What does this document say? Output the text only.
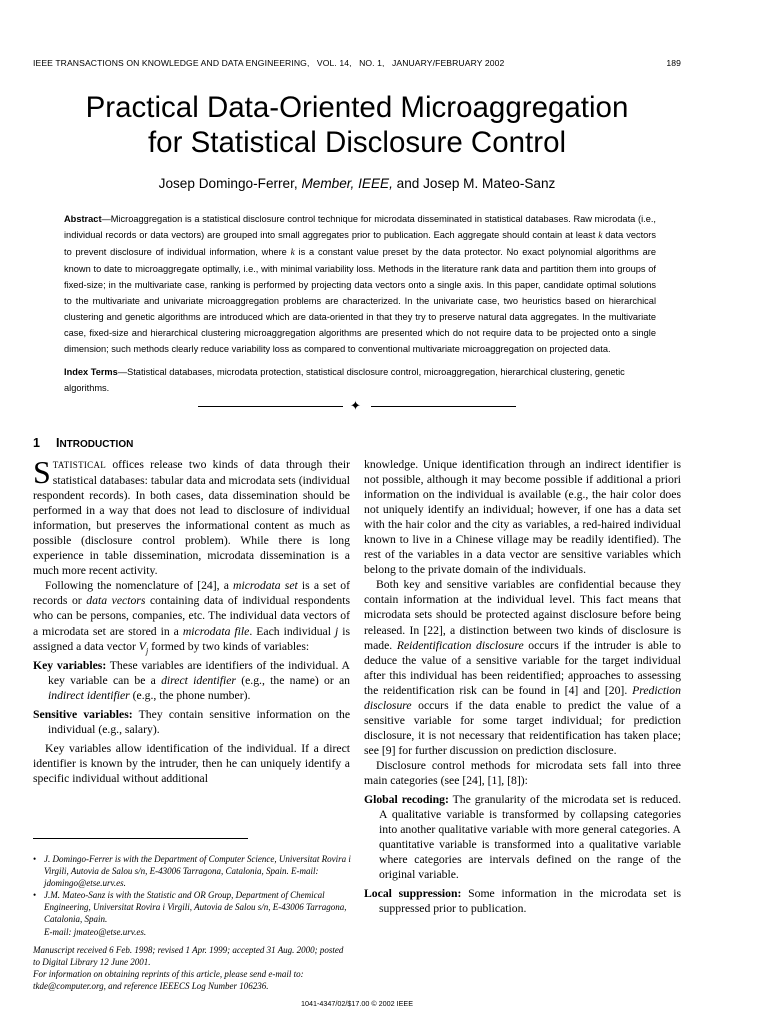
IEEE TRANSACTIONS ON KNOWLEDGE AND DATA ENGINEERING,   VOL. 14,   NO. 1,   JANUARY/FEBRUARY 2002	189
Practical Data-Oriented Microaggregation
for Statistical Disclosure Control
Josep Domingo-Ferrer, Member, IEEE, and Josep M. Mateo-Sanz
Abstract—Microaggregation is a statistical disclosure control technique for microdata disseminated in statistical databases. Raw microdata (i.e., individual records or data vectors) are grouped into small aggregates prior to publication. Each aggregate should contain at least k data vectors to prevent disclosure of individual information, where k is a constant value preset by the data protector. No exact polynomial algorithms are known to date to microaggregate optimally, i.e., with minimal variability loss. Methods in the literature rank data and partition them into groups of fixed-size; in the multivariate case, ranking is performed by projecting data vectors onto a single axis. In this paper, candidate optimal solutions to the multivariate and univariate microaggregation problems are characterized. In the univariate case, two heuristics based on hierarchical clustering and genetic algorithms are introduced which are data-oriented in that they try to preserve natural data aggregates. In the multivariate case, fixed-size and hierarchical clustering microaggregation algorithms are presented which do not require data to be projected onto a single dimension; such methods clearly reduce variability loss as compared to conventional multivariate microaggregation on projected data.
Index Terms—Statistical databases, microdata protection, statistical disclosure control, microaggregation, hierarchical clustering, genetic algorithms.
✦
1 INTRODUCTION

STATISTICAL offices release two kinds of data through their statistical databases: tabular data and microdata sets (individual respondent records). In both cases, data dissemination should be performed in a way that does not lead to disclosure of individual information, but preserves the informational content as much as possible (disclosure control problem). While there is long experience in table dissemination, microdata dissemination is a much more recent activity.

Following the nomenclature of [24], a microdata set is a set of records or data vectors containing data of individual respondents who can be persons, companies, etc. The individual data vectors of a microdata set are stored in a microdata file. Each individual j is assigned a data vector $V_j$ formed by two kinds of variables:

Key variables: These variables are identifiers of the individual. A key variable can be a direct identifier (e.g., the name) or an indirect identifier (e.g., the phone number).

Sensitive variables: They contain sensitive information on the individual (e.g., salary).

Key variables allow identification of the individual. If a direct identifier is known by the intruder, then he can uniquely identify a specific individual without additional

knowledge. Unique identification through an indirect identifier is not possible, although it may become possible if additional a priori information on the individual is available (e.g., the hair color does not uniquely identify an individual; however, if one has a data set with the hair color and the city as variables, a red-haired individual known to live in a Chinese village may be readily identified). The rest of the variables in a data vector are sensitive variables which belong to the private domain of the individuals.

Both key and sensitive variables are confidential because they contain information at the individual level. This fact means that microdata sets should be protected against disclosure before being released. In [22], a distinction between two kinds of disclosure is made. Reidentification disclosure occurs if the intruder is able to deduce the value of a sensitive variable for the target individual after this individual has been reidentified; approaches to assessing the reidentification risk can be found in [4] and [20]. Prediction disclosure occurs if the data enable to predict the value of a sensitive variable for some target individual; for prediction disclosure, it is not necessary that reidentification has taken place; see [9] for further discussion on prediction disclosure.

Disclosure control methods for microdata sets fall into three main categories (see [24], [1], [8]):

Global recoding: The granularity of the microdata set is reduced. A qualitative variable is transformed by collapsing categories into another qualitative variable with more general categories. A quantitative variable is transformed into a qualitative variable where categories are intervals defined on the range of the original variable.

Local suppression: Some information in the microdata set is suppressed prior to publication.

• J. Domingo-Ferrer is with the Department of Computer Science, Universitat Rovira i Virgili, Autovia de Salou s/n, E-43006 Tarragona, Catalonia, Spain. E-mail: jdomingo@etse.urv.es.

• J.M. Mateo-Sanz is with the Statistic and OR Group, Department of Chemical Engineering, Universitat Rovira i Virgili, Autovia de Salou s/n, E-43006 Tarragona, Catalonia, Spain.
E-mail: jmateo@etse.urv.es.

Manuscript received 6 Feb. 1998; revised 1 Apr. 1999; accepted 31 Aug. 2000; posted to Digital Library 12 June 2001.

For information on obtaining reprints of this article, please send e-mail to: tkde@computer.org, and reference IEEECS Log Number 106236.

1041-4347/02/$17.00 © 2002 IEEE
